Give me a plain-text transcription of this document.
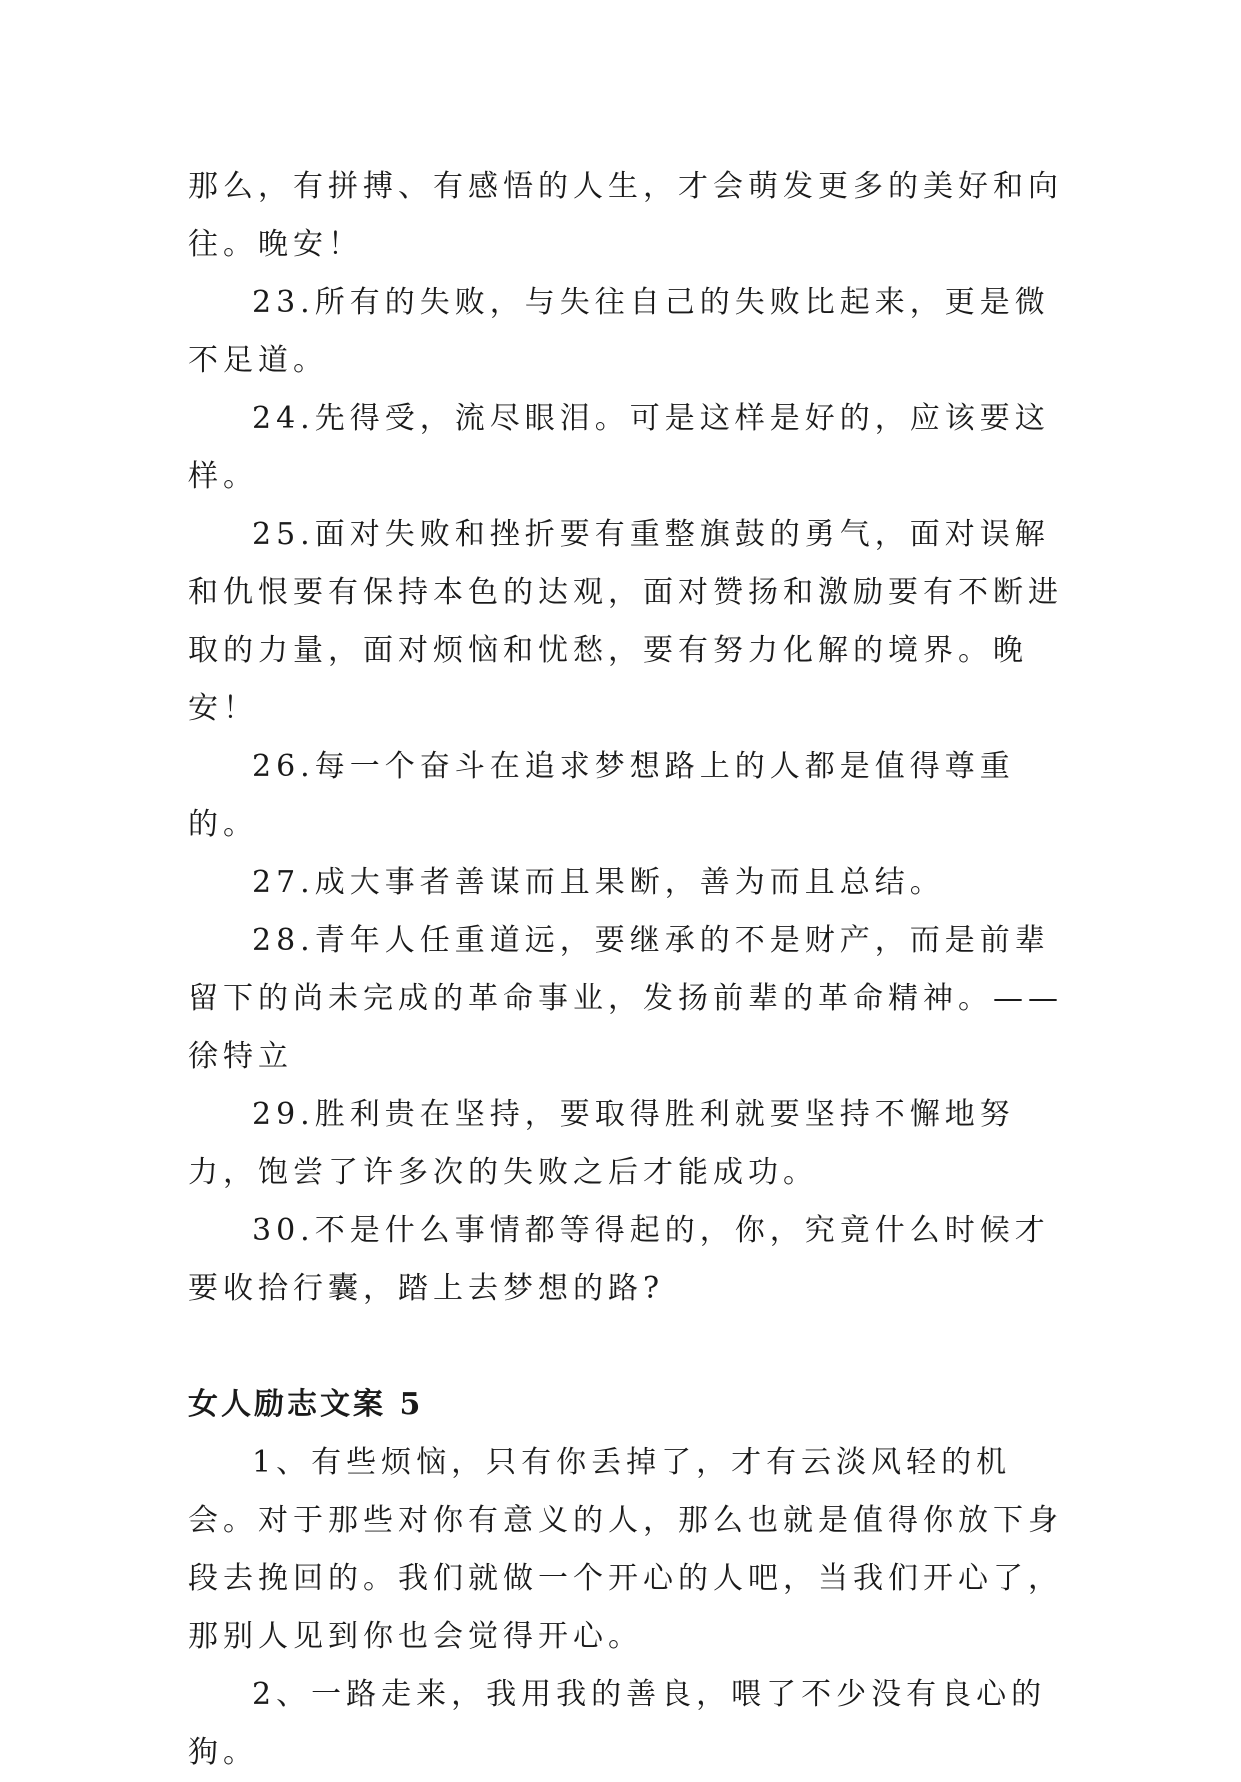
那么，有拼搏、有感悟的人生，才会萌发更多的美好和向往。晚安！

23.所有的失败，与失往自己的失败比起来，更是微不足道。

24.先得受，流尽眼泪。可是这样是好的，应该要这样。

25.面对失败和挫折要有重整旗鼓的勇气，面对误解和仇恨要有保持本色的达观，面对赞扬和激励要有不断进取的力量，面对烦恼和忧愁，要有努力化解的境界。晚安！

26.每一个奋斗在追求梦想路上的人都是值得尊重的。

27.成大事者善谋而且果断，善为而且总结。

28.青年人任重道远，要继承的不是财产，而是前辈留下的尚未完成的革命事业，发扬前辈的革命精神。——徐特立

29.胜利贵在坚持，要取得胜利就要坚持不懈地努力，饱尝了许多次的失败之后才能成功。

30.不是什么事情都等得起的，你，究竟什么时候才要收拾行囊，踏上去梦想的路?

女人励志文案 5

1、有些烦恼，只有你丢掉了，才有云淡风轻的机会。对于那些对你有意义的人，那么也就是值得你放下身段去挽回的。我们就做一个开心的人吧，当我们开心了，那别人见到你也会觉得开心。

2、一路走来，我用我的善良，喂了不少没有良心的狗。
